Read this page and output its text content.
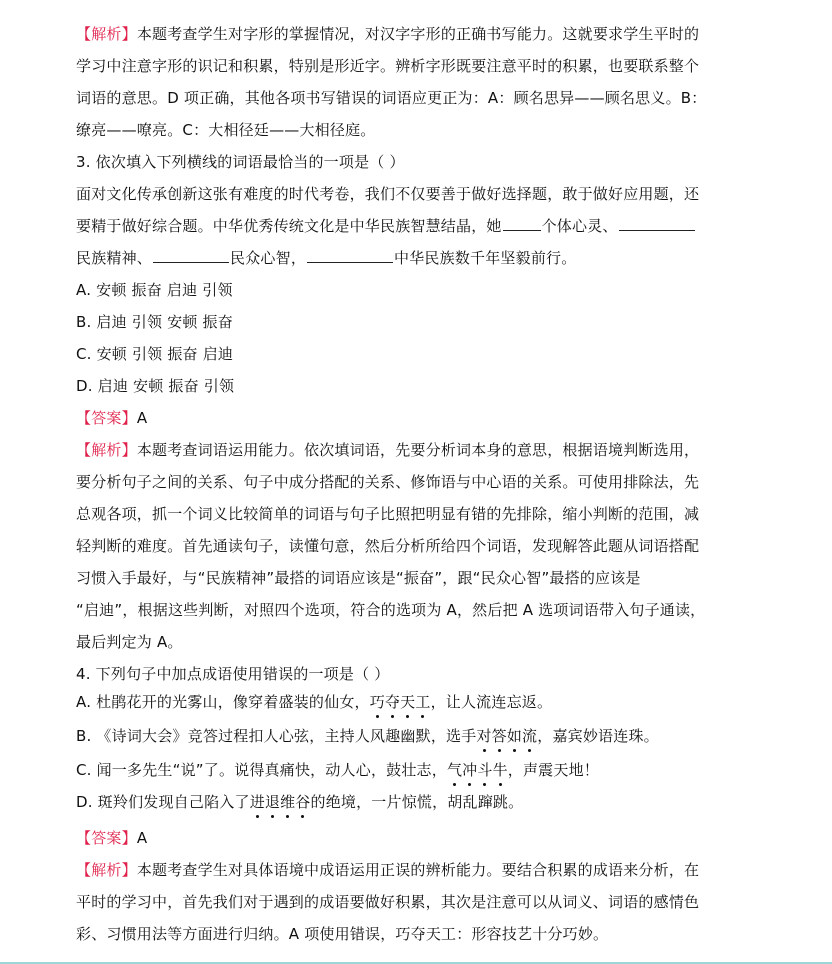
【解析】本题考查学生对字形的掌握情况，对汉字字形的正确书写能力。这就要求学生平时的
学习中注意字形的识记和积累，特别是形近字。辨析字形既要注意平时的积累，也要联系整个
词语的意思。D 项正确，其他各项书写错误的词语应更正为：A：顾名思异——顾名思义。B：
缭亮——嘹亮。C：大相径廷——大相径庭。
3. 依次填入下列横线的词语最恰当的一项是（ ）
面对文化传承创新这张有难度的时代考卷，我们不仅要善于做好选择题，敢于做好应用题，还
要精于做好综合题。中华优秀传统文化是中华民族智慧结晶，她	个体心灵、
民族精神、	民众心智，	中华民族数千年坚毅前行。
A. 安顿 振奋 启迪 引领
B. 启迪 引领 安顿 振奋
C. 安顿 引领 振奋 启迪
D. 启迪 安顿 振奋 引领
【答案】A
【解析】本题考查词语运用能力。依次填词语，先要分析词本身的意思，根据语境判断选用，
要分析句子之间的关系、句子中成分搭配的关系、修饰语与中心语的关系。可使用排除法，先
总观各项，抓一个词义比较简单的词语与句子比照把明显有错的先排除，缩小判断的范围，减
轻判断的难度。首先通读句子，读懂句意，然后分析所给四个词语，发现解答此题从词语搭配
习惯入手最好，与“民族精神”最搭的词语应该是“振奋”，跟“民众心智”最搭的应该是
“启迪”，根据这些判断，对照四个选项，符合的选项为 A，然后把 A 选项词语带入句子通读，
最后判定为 A。
4. 下列句子中加点成语使用错误的一项是（ ）
A. 杜鹃花开的光雾山，像穿着盛装的仙女，巧夺天工，让人流连忘返。
B. 《诗词大会》竞答过程扣人心弦，主持人风趣幽默，选手对答如流，嘉宾妙语连珠。
C. 闻一多先生“说”了。说得真痛快，动人心，鼓壮志，气冲斗牛，声震天地！
D. 斑羚们发现自己陷入了进退维谷的绝境，一片惊慌，胡乱蹿跳。
【答案】A
【解析】本题考查学生对具体语境中成语运用正误的辨析能力。要结合积累的成语来分析，在
平时的学习中，首先我们对于遇到的成语要做好积累，其次是注意可以从词义、词语的感情色
彩、习惯用法等方面进行归纳。A 项使用错误，巧夺天工：形容技艺十分巧妙。
